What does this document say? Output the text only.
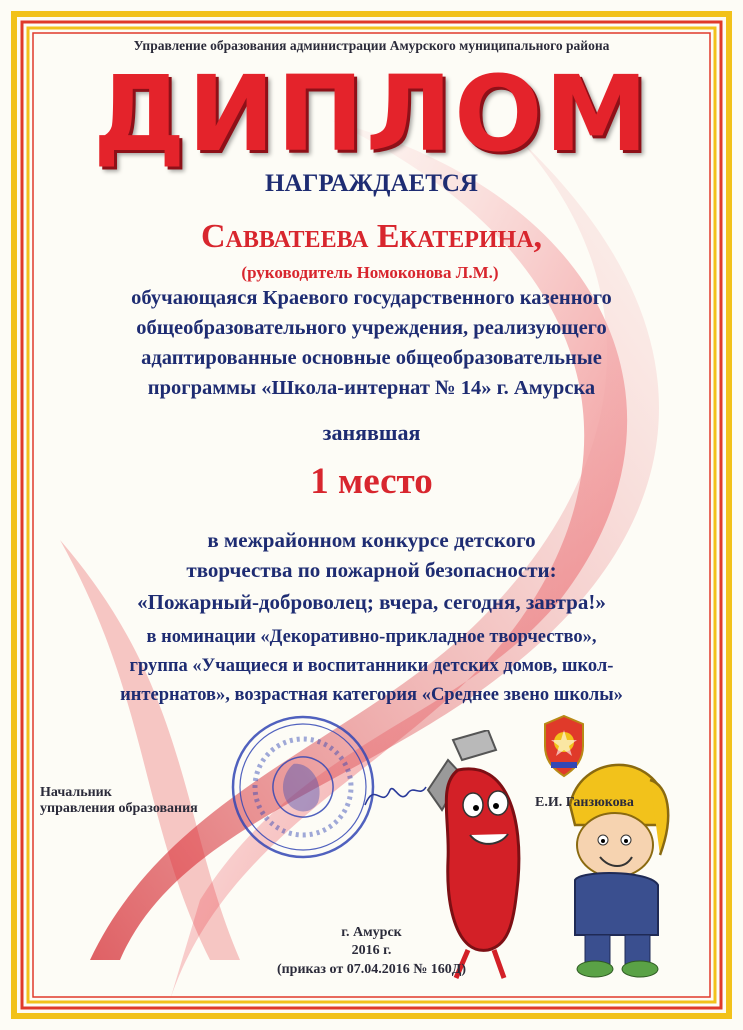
Управление образования администрации Амурского муниципального района
ДИПЛОМ
НАГРАЖДАЕТСЯ
Савватеева Екатерина,
(руководитель Номоконова Л.М.)
обучающаяся Краевого государственного казенного
общеобразовательного учреждения, реализующего
адаптированные основные общеобразовательные
программы «Школа-интернат № 14» г. Амурска
занявшая
1 место
в межрайонном конкурсе детского
творчества по пожарной безопасности:
«Пожарный-доброволец; вчера, сегодня, завтра!»
в номинации «Декоративно-прикладное творчество»,
группа «Учащиеся и воспитанники детских домов, школ-
интернатов», возрастная категория «Среднее звено школы»
Начальник
управления образования	Е.И. Ганзюкова
г. Амурск
2016 г.
(приказ от 07.04.2016 № 160Д)
